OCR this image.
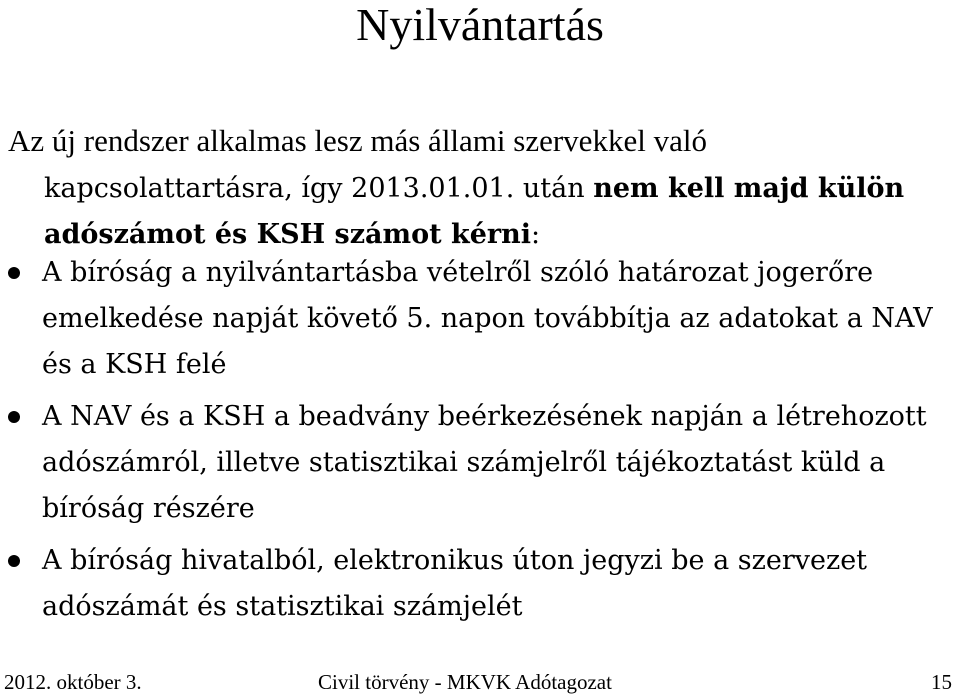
Nyilvántartás

Az új rendszer alkalmas lesz más állami szervekkel való
kapcsolattartásra, így 2013.01.01. után nem kell majd külön adószámot és KSH számot kérni:

A bíróság a nyilvántartásba vételről szóló határozat jogerőre emelkedése napját követő 5. napon továbbítja az adatokat a NAV és a KSH felé
A NAV és a KSH a beadvány beérkezésének napján a létrehozott adószámról, illetve statisztikai számjelről tájékoztatást küld a bíróság részére
A bíróság hivatalból, elektronikus úton jegyzi be a szervezet adószámát és statisztikai számjelét
2012. október 3.	Civil törvény - MKVK Adótagozat	15
